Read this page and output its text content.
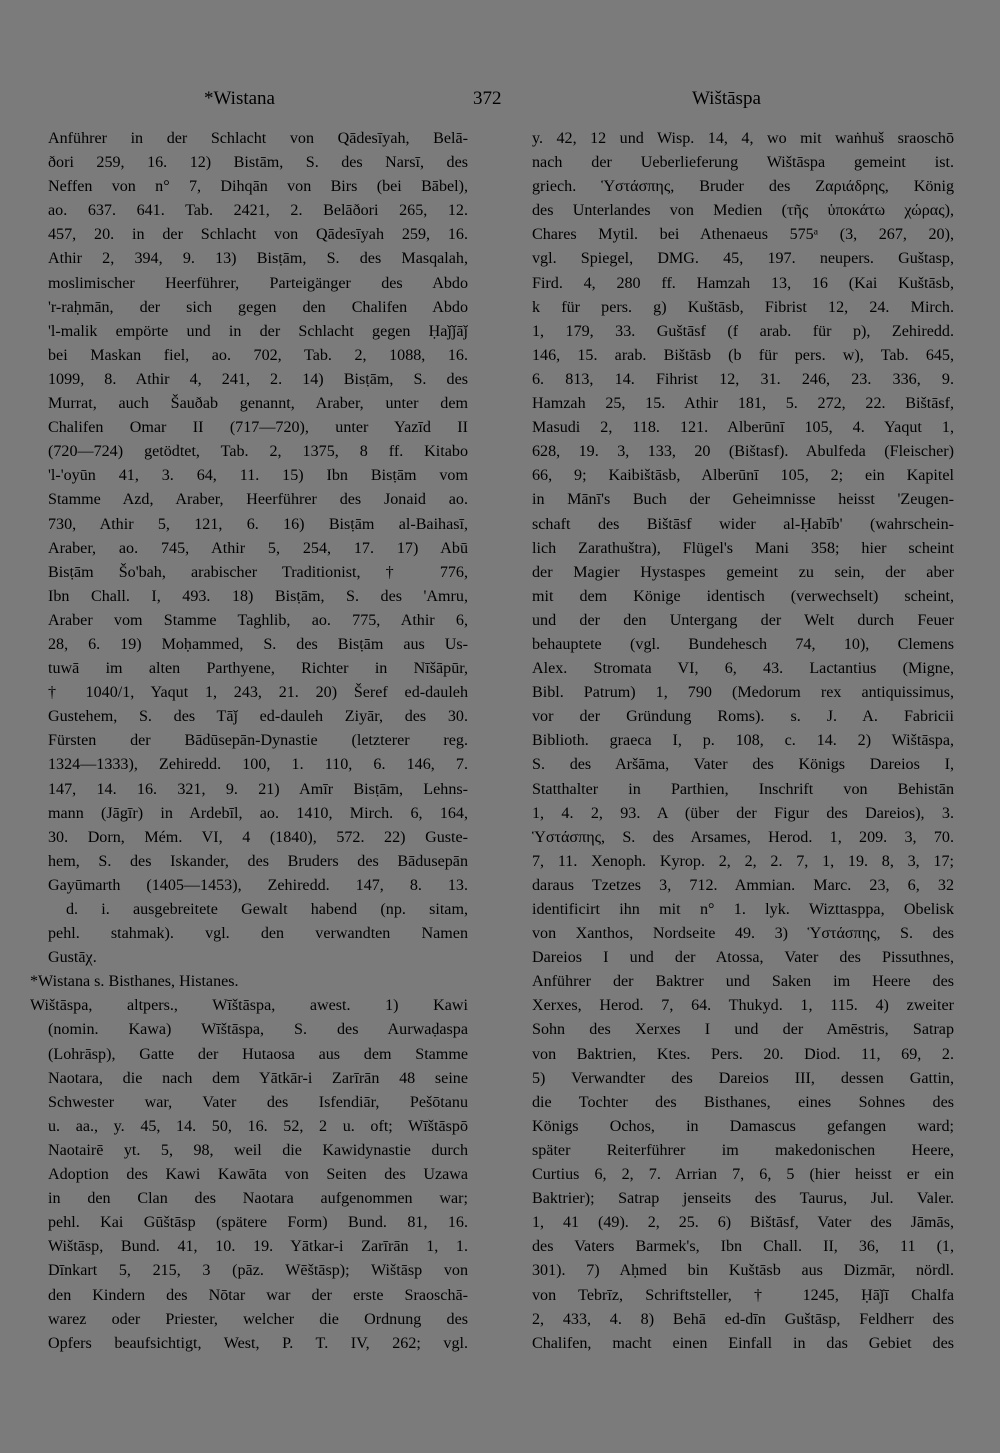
*Wistana	372	Wištāspa
Anführer in der Schlacht von Qādesīyah, Belā-
ðori 259, 16. 12) Bistām, S. des Narsī, des
Neffen von n° 7, Dihqān von Birs (bei Bābel),
ao. 637. 641. Tab. 2421, 2. Belāðori 265, 12.
457, 20. in der Schlacht von Qādesīyah 259, 16.
Athir 2, 394, 9. 13) Bisṭām, S. des Masqalah,
moslimischer Heerführer, Parteigänger des Abdo
'r-raḥmān, der sich gegen den Chalifen Abdo
'l-malik empörte und in der Schlacht gegen Ḥaǰǰāǰ
bei Maskan fiel, ao. 702, Tab. 2, 1088, 16.
1099, 8. Athir 4, 241, 2. 14) Bisṭām, S. des
Murrat, auch Šauðab genannt, Araber, unter dem
Chalifen Omar II (717—720), unter Yazīd II
(720—724) getödtet, Tab. 2, 1375, 8 ff. Kitabo
'l-'oyūn 41, 3. 64, 11. 15) Ibn Bisṭām vom
Stamme Azd, Araber, Heerführer des Jonaid ao.
730, Athir 5, 121, 6. 16) Bisṭām al-Baihasī,
Araber, ao. 745, Athir 5, 254, 17. 17) Abū
Bisṭām Šo'bah, arabischer Traditionist, † 776,
Ibn Chall. I, 493. 18) Bisṭām, S. des 'Amru,
Araber vom Stamme Taghlib, ao. 775, Athir 6,
28, 6. 19) Moḥammed, S. des Bisṭām aus Us-
tuwā im alten Parthyene, Richter in Nīšāpūr,
† 1040/1, Yaqut 1, 243, 21. 20) Šeref ed-dauleh
Gustehem, S. des Tāǰ ed-dauleh Ziyār, des 30.
Fürsten der Bādūsepān-Dynastie (letzterer reg.
1324—1333), Zehiredd. 100, 1. 110, 6. 146, 7.
147, 14. 16. 321, 9. 21) Amīr Bisṭām, Lehns-
mann (Jāgīr) in Ardebīl, ao. 1410, Mirch. 6, 164,
30. Dorn, Mém. VI, 4 (1840), 572. 22) Guste-
hem, S. des Iskander, des Bruders des Bādusepān
Gayūmarth (1405—1453), Zehiredd. 147, 8. 13.
d. i. ausgebreitete Gewalt habend (np. sitam,
pehl. stahmak). vgl. den verwandten Namen
Gustāχ.
*Wistana s. Bisthanes, Histanes.
Wištāspa, altpers., Wīštāspa, awest. 1) Kawi
(nomin. Kawa) Wīštāspa, S. des Aurwaḍaspa
(Lohrāsp), Gatte der Hutaosa aus dem Stamme
Naotara, die nach dem Yātkār-i Zarīrān 48 seine
Schwester war, Vater des Isfendiār, Pešōtanu
u. aa., y. 45, 14. 50, 16. 52, 2 u. oft; Wīštāspō
Naotairē yt. 5, 98, weil die Kawidynastie durch
Adoption des Kawi Kawāta von Seiten des Uzawa
in den Clan des Naotara aufgenommen war;
pehl. Kai Gūštāsp (spätere Form) Bund. 81, 16.
Wištāsp, Bund. 41, 10. 19. Yātkar-i Zarīrān 1, 1.
Dīnkart 5, 215, 3 (pāz. Wēštāsp); Wištāsp von
den Kindern des Nōtar war der erste Sraoschā-
warez oder Priester, welcher die Ordnung des
Opfers beaufsichtigt, West, P. T. IV, 262; vgl.
y. 42, 12 und Wisp. 14, 4, wo mit waṅhuš sraoschō
nach der Ueberlieferung Wištāspa gemeint ist.
griech. Ὑστάσπης, Bruder des Ζαριάδρης, König
des Unterlandes von Medien (τῆς ὑποκάτω χώρας),
Chares Mytil. bei Athenaeus 575ᵃ (3, 267, 20),
vgl. Spiegel, DMG. 45, 197. neupers. Guštasp,
Fird. 4, 280 ff. Hamzah 13, 16 (Kai Kuštāsb,
k für pers. g) Kuštāsb, Fibrist 12, 24. Mirch.
1, 179, 33. Guštāsf (f arab. für p), Zehiredd.
146, 15. arab. Bištāsb (b für pers. w), Tab. 645,
6. 813, 14. Fihrist 12, 31. 246, 23. 336, 9.
Hamzah 25, 15. Athir 181, 5. 272, 22. Bištāsf,
Masudi 2, 118. 121. Alberūnī 105, 4. Yaqut 1,
628, 19. 3, 133, 20 (Bištasf). Abulfeda (Fleischer)
66, 9; Kaibištāsb, Alberūnī 105, 2; ein Kapitel
in Mānī's Buch der Geheimnisse heisst 'Zeugen-
schaft des Bištāsf wider al-Ḥabīb' (wahrschein-
lich Zarathuštra), Flügel's Mani 358; hier scheint
der Magier Hystaspes gemeint zu sein, der aber
mit dem Könige identisch (verwechselt) scheint,
und der den Untergang der Welt durch Feuer
behauptete (vgl. Bundehesch 74, 10), Clemens
Alex. Stromata VI, 6, 43. Lactantius (Migne,
Bibl. Patrum) 1, 790 (Medorum rex antiquissimus,
vor der Gründung Roms). s. J. A. Fabricii
Biblioth. graeca I, p. 108, c. 14. 2) Wištāspa,
S. des Aršāma, Vater des Königs Dareios I,
Statthalter in Parthien, Inschrift von Behistān
1, 4. 2, 93. A (über der Figur des Dareios), 3.
Ὑστάσπης, S. des Arsames, Herod. 1, 209. 3, 70.
7, 11. Xenoph. Kyrop. 2, 2, 2. 7, 1, 19. 8, 3, 17;
daraus Tzetzes 3, 712. Ammian. Marc. 23, 6, 32
identificirt ihn mit n° 1. lyk. Wizttasppa, Obelisk
von Xanthos, Nordseite 49. 3) Ὑστάσπης, S. des
Dareios I und der Atossa, Vater des Pissuthnes,
Anführer der Baktrer und Saken im Heere des
Xerxes, Herod. 7, 64. Thukyd. 1, 115. 4) zweiter
Sohn des Xerxes I und der Amēstris, Satrap
von Baktrien, Ktes. Pers. 20. Diod. 11, 69, 2.
5) Verwandter des Dareios III, dessen Gattin,
die Tochter des Bisthanes, eines Sohnes des
Königs Ochos, in Damascus gefangen ward;
später Reiterführer im makedonischen Heere,
Curtius 6, 2, 7. Arrian 7, 6, 5 (hier heisst er ein
Baktrier); Satrap jenseits des Taurus, Jul. Valer.
1, 41 (49). 2, 25. 6) Bištāsf, Vater des Jāmās,
des Vaters Barmek's, Ibn Chall. II, 36, 11 (1,
301). 7) Aḥmed bin Kuštāsb aus Dizmār, nördl.
von Tebrīz, Schriftsteller, † 1245, Ḥāǰī Chalfa
2, 433, 4. 8) Behā ed-dīn Guštāsp, Feldherr des
Chalifen, macht einen Einfall in das Gebiet des
